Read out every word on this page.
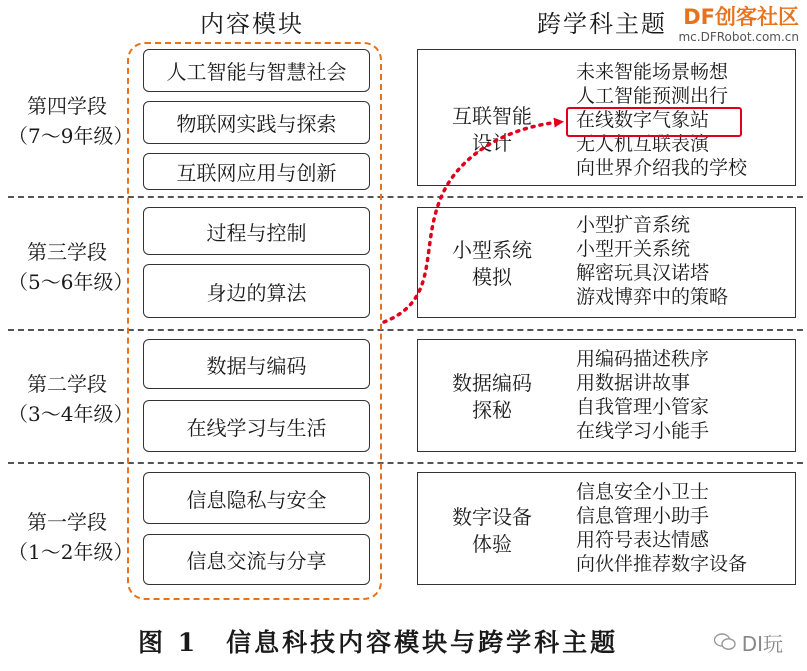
内容模块	跨学科主题 DF创客社区
mc.DFRobot.com.cn
第四学段
（7～9年级）
第三学段
（5～6年级）
第二学段
（3～4年级）
第一学段
（1～2年级）
人工智能与智慧社会
物联网实践与探索
互联网应用与创新
过程与控制
身边的算法
数据与编码
在线学习与生活
信息隐私与安全
信息交流与分享
互联智能
设计
小型系统
模拟
数据编码
探秘
数字设备
体验
未来智能场景畅想
人工智能预测出行
在线数字气象站
无人机互联表演
向世界介绍我的学校
小型扩音系统
小型开关系统
解密玩具汉诺塔
游戏博弈中的策略
用编码描述秩序
用数据讲故事
自我管理小管家
在线学习小能手
信息安全小卫士
信息管理小助手
用符号表达情感
向伙伴推荐数字设备
图 1 信息科技内容模块与跨学科主题	DI玩
